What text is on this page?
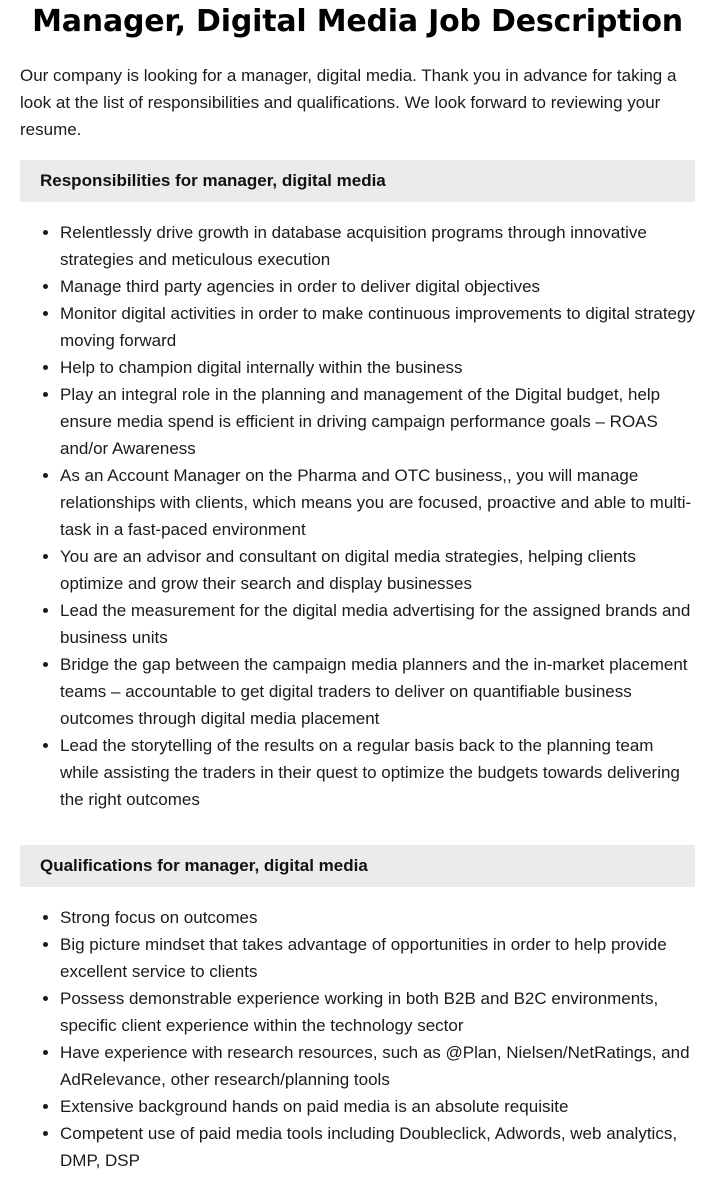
Manager, Digital Media Job Description

Our company is looking for a manager, digital media. Thank you in advance for taking a look at the list of responsibilities and qualifications. We look forward to reviewing your resume.

Responsibilities for manager, digital media
Relentlessly drive growth in database acquisition programs through innovative strategies and meticulous execution
Manage third party agencies in order to deliver digital objectives
Monitor digital activities in order to make continuous improvements to digital strategy moving forward
Help to champion digital internally within the business
Play an integral role in the planning and management of the Digital budget, help ensure media spend is efficient in driving campaign performance goals – ROAS and/or Awareness
As an Account Manager on the Pharma and OTC business,, you will manage relationships with clients, which means you are focused, proactive and able to multi-task in a fast-paced environment
You are an advisor and consultant on digital media strategies, helping clients optimize and grow their search and display businesses
Lead the measurement for the digital media advertising for the assigned brands and business units
Bridge the gap between the campaign media planners and the in-market placement teams – accountable to get digital traders to deliver on quantifiable business outcomes through digital media placement
Lead the storytelling of the results on a regular basis back to the planning team while assisting the traders in their quest to optimize the budgets towards delivering the right outcomes
Qualifications for manager, digital media
Strong focus on outcomes
Big picture mindset that takes advantage of opportunities in order to help provide excellent service to clients
Possess demonstrable experience working in both B2B and B2C environments, specific client experience within the technology sector
Have experience with research resources, such as @Plan, Nielsen/NetRatings, and AdRelevance, other research/planning tools
Extensive background hands on paid media is an absolute requisite
Competent use of paid media tools including Doubleclick, Adwords, web analytics, DMP, DSP
